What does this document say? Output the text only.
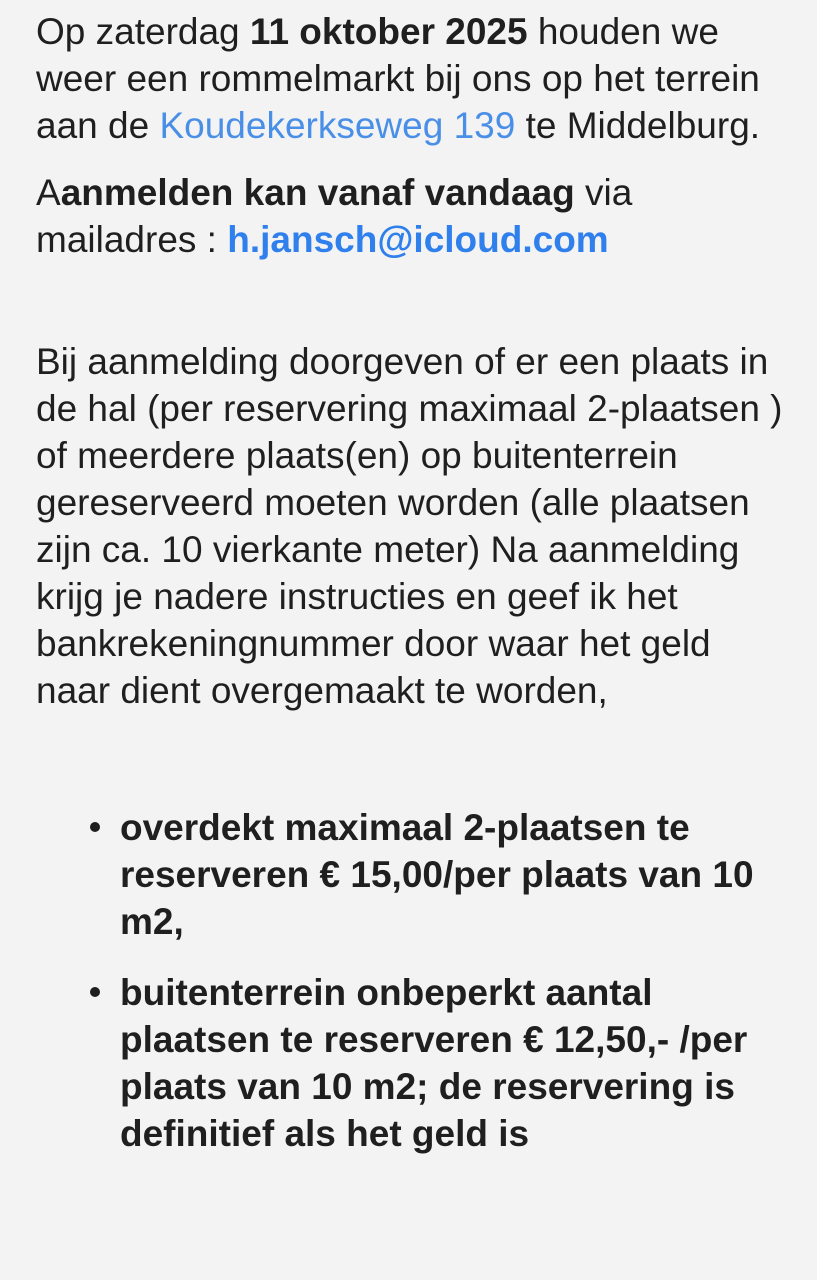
Op zaterdag 11 oktober 2025 houden we weer een rommelmarkt bij ons op het terrein aan de Koudekerkseweg 139 te Middelburg.

Aanmelden kan vanaf vandaag via mailadres : h.jansch@icloud.com

Bij aanmelding doorgeven of er een plaats in de hal (per reservering maximaal 2-plaatsen ) of meerdere plaats(en) op buitenterrein gereserveerd moeten worden (alle plaatsen zijn ca. 10 vierkante meter) Na aanmelding krijg je nadere instructies en geef ik het bankrekeningnummer door waar het geld naar dient overgemaakt te worden,

overdekt maximaal 2-plaatsen te reserveren € 15,00/per plaats van 10 m2,
buitenterrein onbeperkt aantal plaatsen te reserveren € 12,50,- /per plaats van 10 m2; de reservering is definitief als het geld is
